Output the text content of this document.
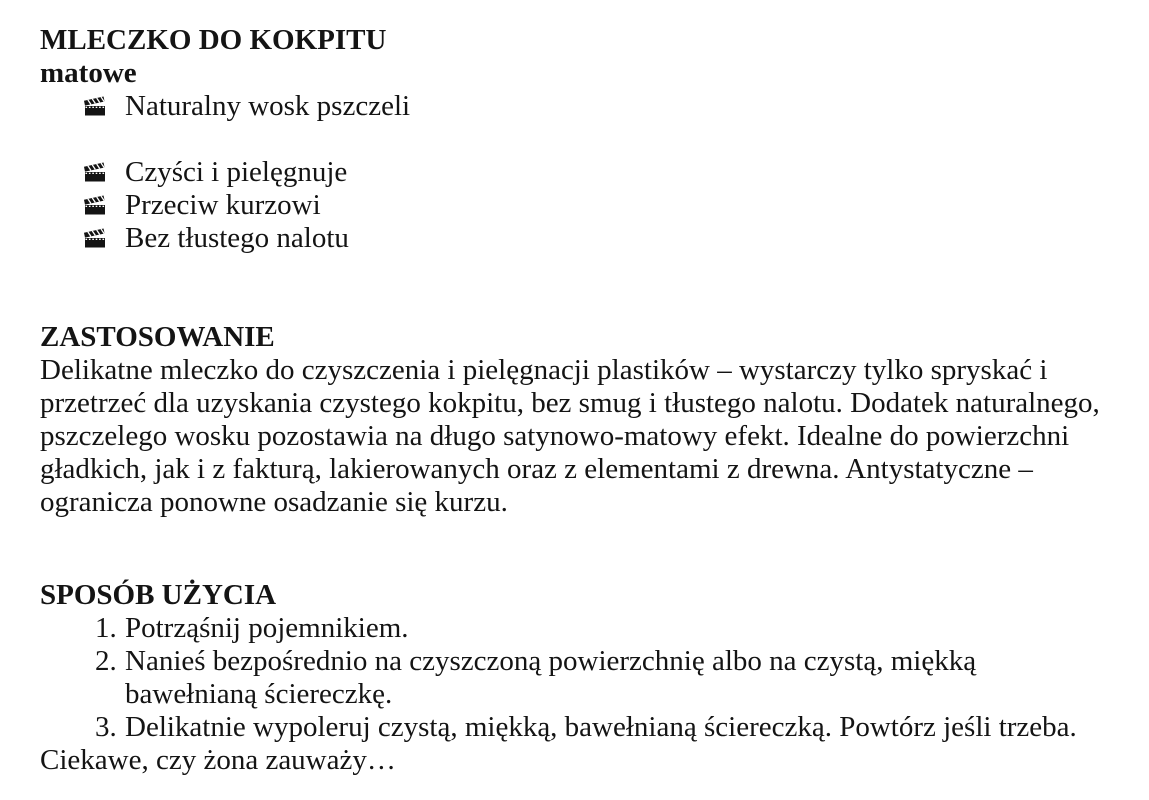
MLECZKO DO KOKPITU
matowe
Naturalny wosk pszczeli
Czyści i pielęgnuje
Przeciw kurzowi
Bez tłustego nalotu
ZASTOSOWANIE
Delikatne mleczko do czyszczenia i pielęgnacji plastików – wystarczy tylko spryskać i przetrzeć dla uzyskania czystego kokpitu, bez smug i tłustego nalotu. Dodatek naturalnego, pszczelego wosku pozostawia na długo satynowo-matowy efekt. Idealne do powierzchni gładkich, jak i z fakturą, lakierowanych oraz z elementami z drewna. Antystatyczne – ogranicza ponowne osadzanie się kurzu.
SPOSÓB UŻYCIA
1. Potrząśnij pojemnikiem.
2. Nanieś bezpośrednio na czyszczoną powierzchnię albo na czystą, miękką bawełnianą ściereczkę.
3. Delikatnie wypoleruj czystą, miękką, bawełnianą ściereczką. Powtórz jeśli trzeba.
Ciekawe, czy żona zauważy…
